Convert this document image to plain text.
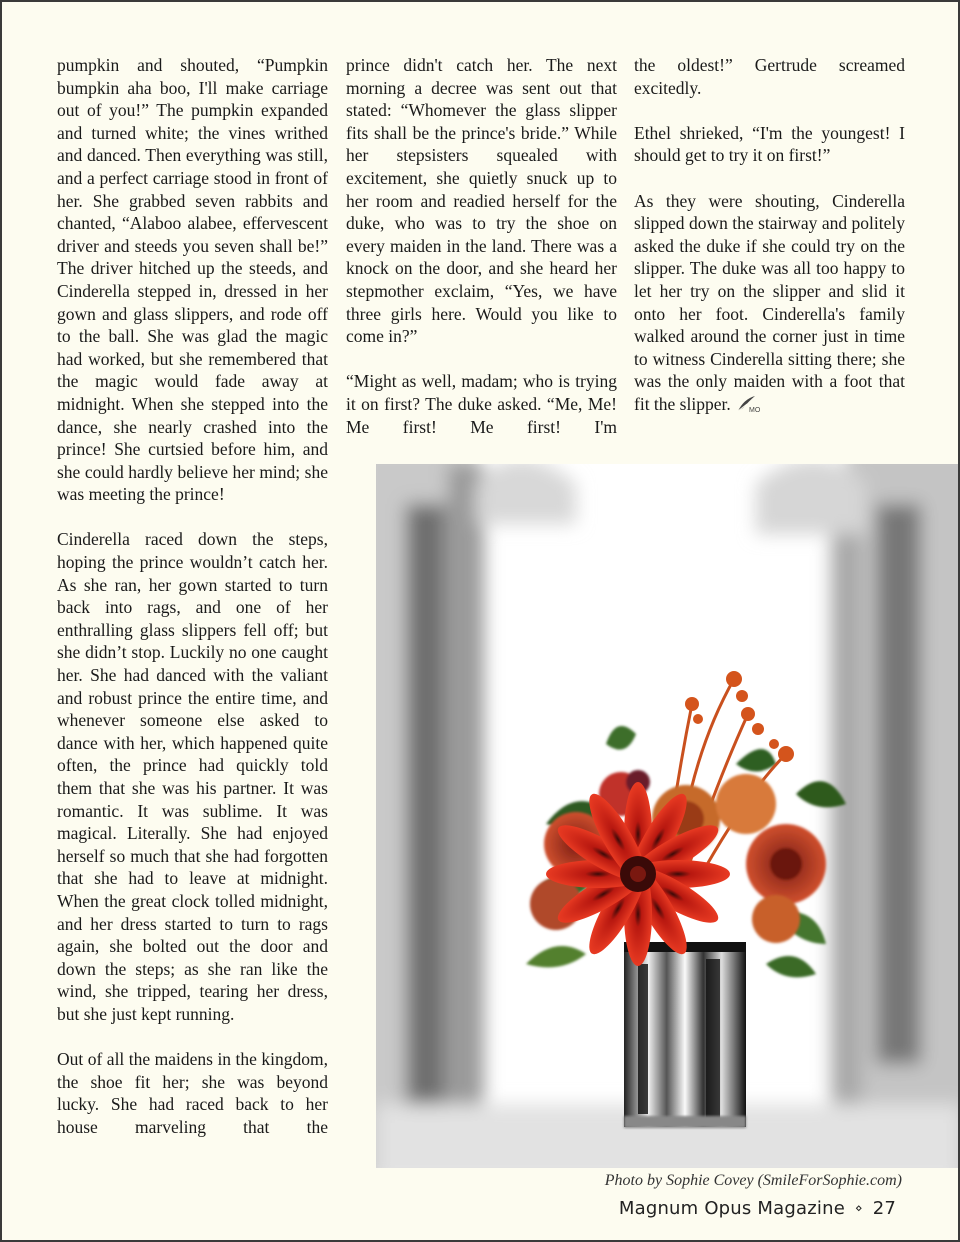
pumpkin and shouted, “Pumpkin bumpkin aha boo, I'll make carriage out of you!” The pumpkin expanded and turned white; the vines writhed and danced. Then everything was still, and a perfect carriage stood in front of her. She grabbed seven rabbits and chanted, “Alaboo alabee, effervescent driver and steeds you seven shall be!” The driver hitched up the steeds, and Cinderella stepped in, dressed in her gown and glass slippers, and rode off to the ball. She was glad the magic had worked, but she remembered that the magic would fade away at midnight. When she stepped into the dance, she nearly crashed into the prince! She curtsied before him, and she could hardly believe her mind; she was meeting the prince!

Cinderella raced down the steps, hoping the prince wouldn’t catch her. As she ran, her gown started to turn back into rags, and one of her enthralling glass slippers fell off; but she didn’t stop. Luckily no one caught her. She had danced with the valiant and robust prince the entire time, and whenever someone else asked to dance with her, which happened quite often, the prince had quickly told them that she was his partner. It was romantic. It was sublime. It was magical. Literally. She had enjoyed herself so much that she had forgotten that she had to leave at midnight. When the great clock tolled midnight, and her dress started to turn to rags again, she bolted out the door and down the steps; as she ran like the wind, she tripped, tearing her dress, but she just kept running.

Out of all the maidens in the kingdom, the shoe fit her; she was beyond lucky. She had raced back to her house marveling that the

prince didn't catch her. The next morning a decree was sent out that stated: “Whomever the glass slipper fits shall be the prince's bride.” While her stepsisters squealed with excitement, she quietly snuck up to her room and readied herself for the duke, who was to try the shoe on every maiden in the land. There was a knock on the door, and she heard her stepmother exclaim, “Yes, we have three girls here. Would you like to come in?”

“Might as well, madam; who is trying it on first? The duke asked. “Me, Me! Me first! Me first! I'm

the oldest!” Gertrude screamed excitedly.

Ethel shrieked, “I'm the youngest! I should get to try it on first!”

As they were shouting, Cinderella slipped down the stairway and politely asked the duke if she could try on the slipper. The duke was all too happy to let her try on the slipper and slid it onto her foot. Cinderella's family walked around the corner just in time to witness Cinderella sitting there; she was the only maiden with a foot that fit the slipper.	MO

Photo by Sophie Covey (SmileForSophie.com)
Magnum Opus Magazine ⋄ 27
